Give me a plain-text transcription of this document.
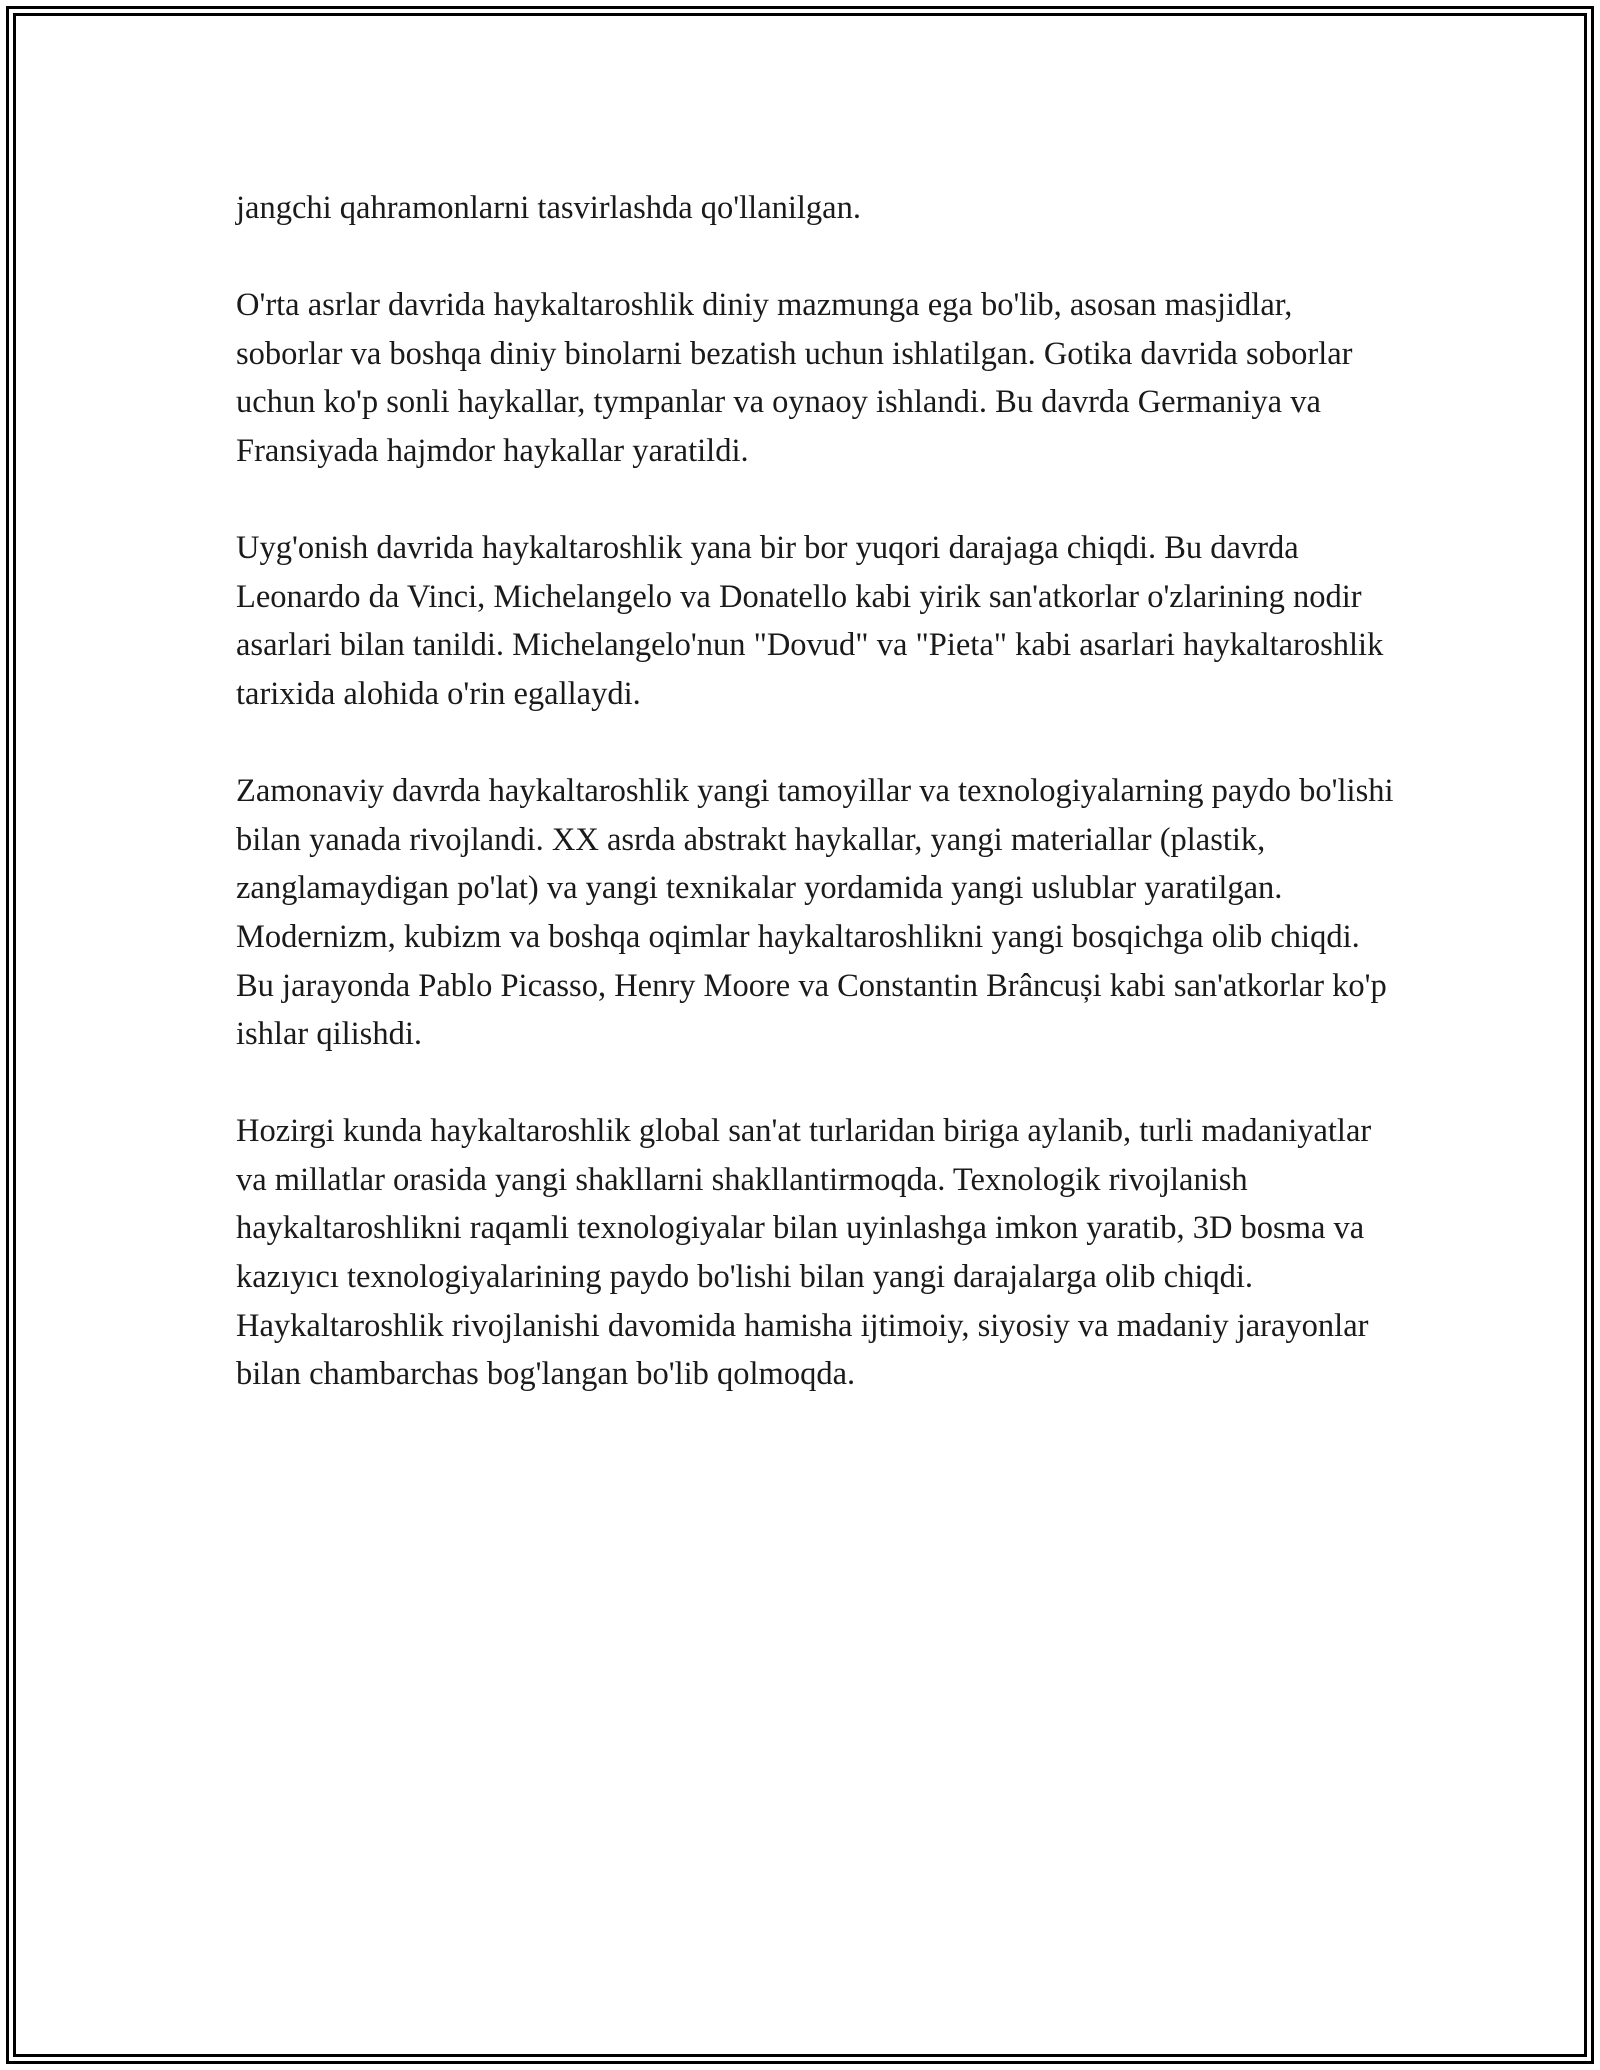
jangchi qahramonlarni tasvirlashda qo'llanilgan.

O'rta asrlar davrida haykaltaroshlik diniy mazmunga ega bo'lib, asosan masjidlar, soborlar va boshqa diniy binolarni bezatish uchun ishlatilgan. Gotika davrida soborlar uchun ko'p sonli haykallar, tympanlar va oynaoy ishlandi. Bu davrda Germaniya va Fransiyada hajmdor haykallar yaratildi.

Uyg'onish davrida haykaltaroshlik yana bir bor yuqori darajaga chiqdi. Bu davrda Leonardo da Vinci, Michelangelo va Donatello kabi yirik san'atkorlar o'zlarining nodir asarlari bilan tanildi. Michelangelo'nun "Dovud" va "Pieta" kabi asarlari haykaltaroshlik tarixida alohida o'rin egallaydi.

Zamonaviy davrda haykaltaroshlik yangi tamoyillar va texnologiyalarning paydo bo'lishi bilan yanada rivojlandi. XX asrda abstrakt haykallar, yangi materiallar (plastik, zanglamaydigan po'lat) va yangi texnikalar yordamida yangi uslublar yaratilgan. Modernizm, kubizm va boshqa oqimlar haykaltaroshlikni yangi bosqichga olib chiqdi. Bu jarayonda Pablo Picasso, Henry Moore va Constantin Brâncuși kabi san'atkorlar ko'p ishlar qilishdi.

Hozirgi kunda haykaltaroshlik global san'at turlaridan biriga aylanib, turli madaniyatlar va millatlar orasida yangi shakllarni shakllantirmoqda. Texnologik rivojlanish haykaltaroshlikni raqamli texnologiyalar bilan uyinlashga imkon yaratib, 3D bosma va kazıyıcı texnologiyalarining paydo bo'lishi bilan yangi darajalarga olib chiqdi. Haykaltaroshlik rivojlanishi davomida hamisha ijtimoiy, siyosiy va madaniy jarayonlar bilan chambarchas bog'langan bo'lib qolmoqda.
